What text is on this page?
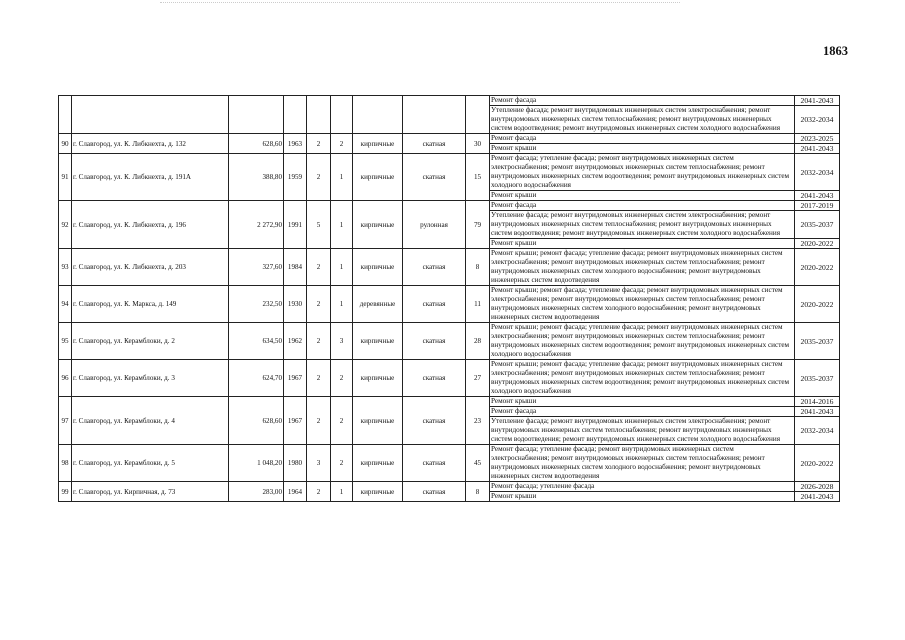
1863
									Ремонт фасада	2041-2043
									Утепление фасада; ремонт внутридомовых инженерных систем электроснабжения; ремонт внутридомовых инженерных систем теплоснабжения; ремонт внутридомовых инженерных систем водоотведения; ремонт внутридомовых инженерных систем холодного водоснабжения	2032-2034
90	г. Славгород, ул. К. Либкнехта, д. 132	628,60	1963	2	2	кирпичные	скатная	30	Ремонт фасада	2023-2025
									Ремонт крыши	2041-2043
91	г. Славгород, ул. К. Либкнехта, д. 191А	388,80	1959	2	1	кирпичные	скатная	15	Ремонт фасада; утепление фасада; ремонт внутридомовых инженерных систем электроснабжения; ремонт внутридомовых инженерных систем теплоснабжения; ремонт внутридомовых инженерных систем водоотведения; ремонт внутридомовых инженерных систем холодного водоснабжения	2032-2034
									Ремонт крыши	2041-2043
92	г. Славгород, ул. К. Либкнехта, д. 196	2 272,90	1991	5	1	кирпичные	рулонная	79	Ремонт фасада	2017-2019
									Утепление фасада; ремонт внутридомовых инженерных систем электроснабжения; ремонт внутридомовых инженерных систем теплоснабжения; ремонт внутридомовых инженерных систем водоотведения; ремонт внутридомовых инженерных систем холодного водоснабжения	2035-2037
									Ремонт крыши	2020-2022
93	г. Славгород, ул. К. Либкнехта, д. 203	327,60	1984	2	1	кирпичные	скатная	8	Ремонт крыши; ремонт фасада; утепление фасада; ремонт внутридомовых инженерных систем электроснабжения; ремонт внутридомовых инженерных систем теплоснабжения; ремонт внутридомовых инженерных систем холодного водоснабжения; ремонт внутридомовых инженерных систем водоотведения	2020-2022
94	г. Славгород, ул. К. Маркса, д. 149	232,50	1930	2	1	деревянные	скатная	11	Ремонт крыши; ремонт фасада; утепление фасада; ремонт внутридомовых инженерных систем электроснабжения; ремонт внутридомовых инженерных систем теплоснабжения; ремонт внутридомовых инженерных систем холодного водоснабжения; ремонт внутридомовых инженерных систем водоотведения	2020-2022
95	г. Славгород, ул. Керамблоки, д. 2	634,50	1962	2	3	кирпичные	скатная	28	Ремонт крыши; ремонт фасада; утепление фасада; ремонт внутридомовых инженерных систем электроснабжения; ремонт внутридомовых инженерных систем теплоснабжения; ремонт внутридомовых инженерных систем водоотведения; ремонт внутридомовых инженерных систем холодного водоснабжения	2035-2037
96	г. Славгород, ул. Керамблоки, д. 3	624,70	1967	2	2	кирпичные	скатная	27	Ремонт крыши; ремонт фасада; утепление фасада; ремонт внутридомовых инженерных систем электроснабжения; ремонт внутридомовых инженерных систем теплоснабжения; ремонт внутридомовых инженерных систем водоотведения; ремонт внутридомовых инженерных систем холодного водоснабжения	2035-2037
97	г. Славгород, ул. Керамблоки, д. 4	628,60	1967	2	2	кирпичные	скатная	23	Ремонт крыши	2014-2016
									Ремонт фасада	2041-2043
									Утепление фасада; ремонт внутридомовых инженерных систем электроснабжения; ремонт внутридомовых инженерных систем теплоснабжения; ремонт внутридомовых инженерных систем водоотведения; ремонт внутридомовых инженерных систем холодного водоснабжения	2032-2034
98	г. Славгород, ул. Керамблоки, д. 5	1 048,20	1980	3	2	кирпичные	скатная	45	Ремонт фасада; утепление фасада; ремонт внутридомовых инженерных систем электроснабжения; ремонт внутридомовых инженерных систем теплоснабжения; ремонт внутридомовых инженерных систем холодного водоснабжения; ремонт внутридомовых инженерных систем водоотведения	2020-2022
99	г. Славгород, ул. Кирпичная, д. 73	283,00	1964	2	1	кирпичные	скатная	8	Ремонт фасада; утепление фасада	2026-2028
									Ремонт крыши	2041-2043
